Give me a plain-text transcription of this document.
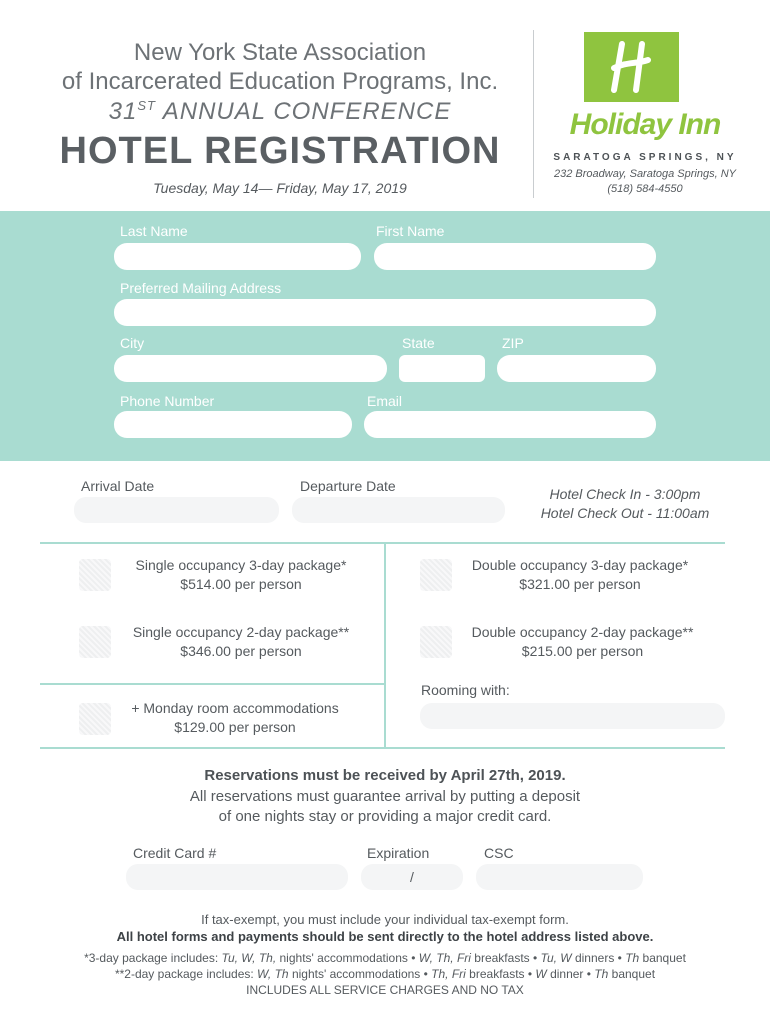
New York State Association
of Incarcerated Education Programs, Inc.
31ST ANNUAL CONFERENCE
HOTEL REGISTRATION
Tuesday, May 14— Friday, May 17, 2019
Holiday Inn
SARATOGA SPRINGS, NY
232 Broadway, Saratoga Springs, NY
(518) 584-4550
Last Name	First Name
Preferred Mailing Address
City	State	ZIP
Phone Number	Email
Arrival Date	Departure Date	Hotel Check In - 3:00pm
Hotel Check Out - 11:00am
Single occupancy 3-day package*
$514.00 per person
Double occupancy 3-day package*
$321.00 per person
Single occupancy 2-day package**
$346.00 per person
Double occupancy 2-day package**
$215.00 per person
+ Monday room accommodations
$129.00 per person
Rooming with:
Reservations must be received by April 27th, 2019.
All reservations must guarantee arrival by putting a deposit
of one nights stay or providing a major credit card.
Credit Card #	Expiration	CSC
/
If tax-exempt, you must include your individual tax-exempt form.
All hotel forms and payments should be sent directly to the hotel address listed above.
*3-day package includes: Tu, W, Th, nights' accommodations • W, Th, Fri breakfasts • Tu, W dinners • Th banquet
**2-day package includes: W, Th nights' accommodations • Th, Fri breakfasts • W dinner • Th banquet
INCLUDES ALL SERVICE CHARGES AND NO TAX
